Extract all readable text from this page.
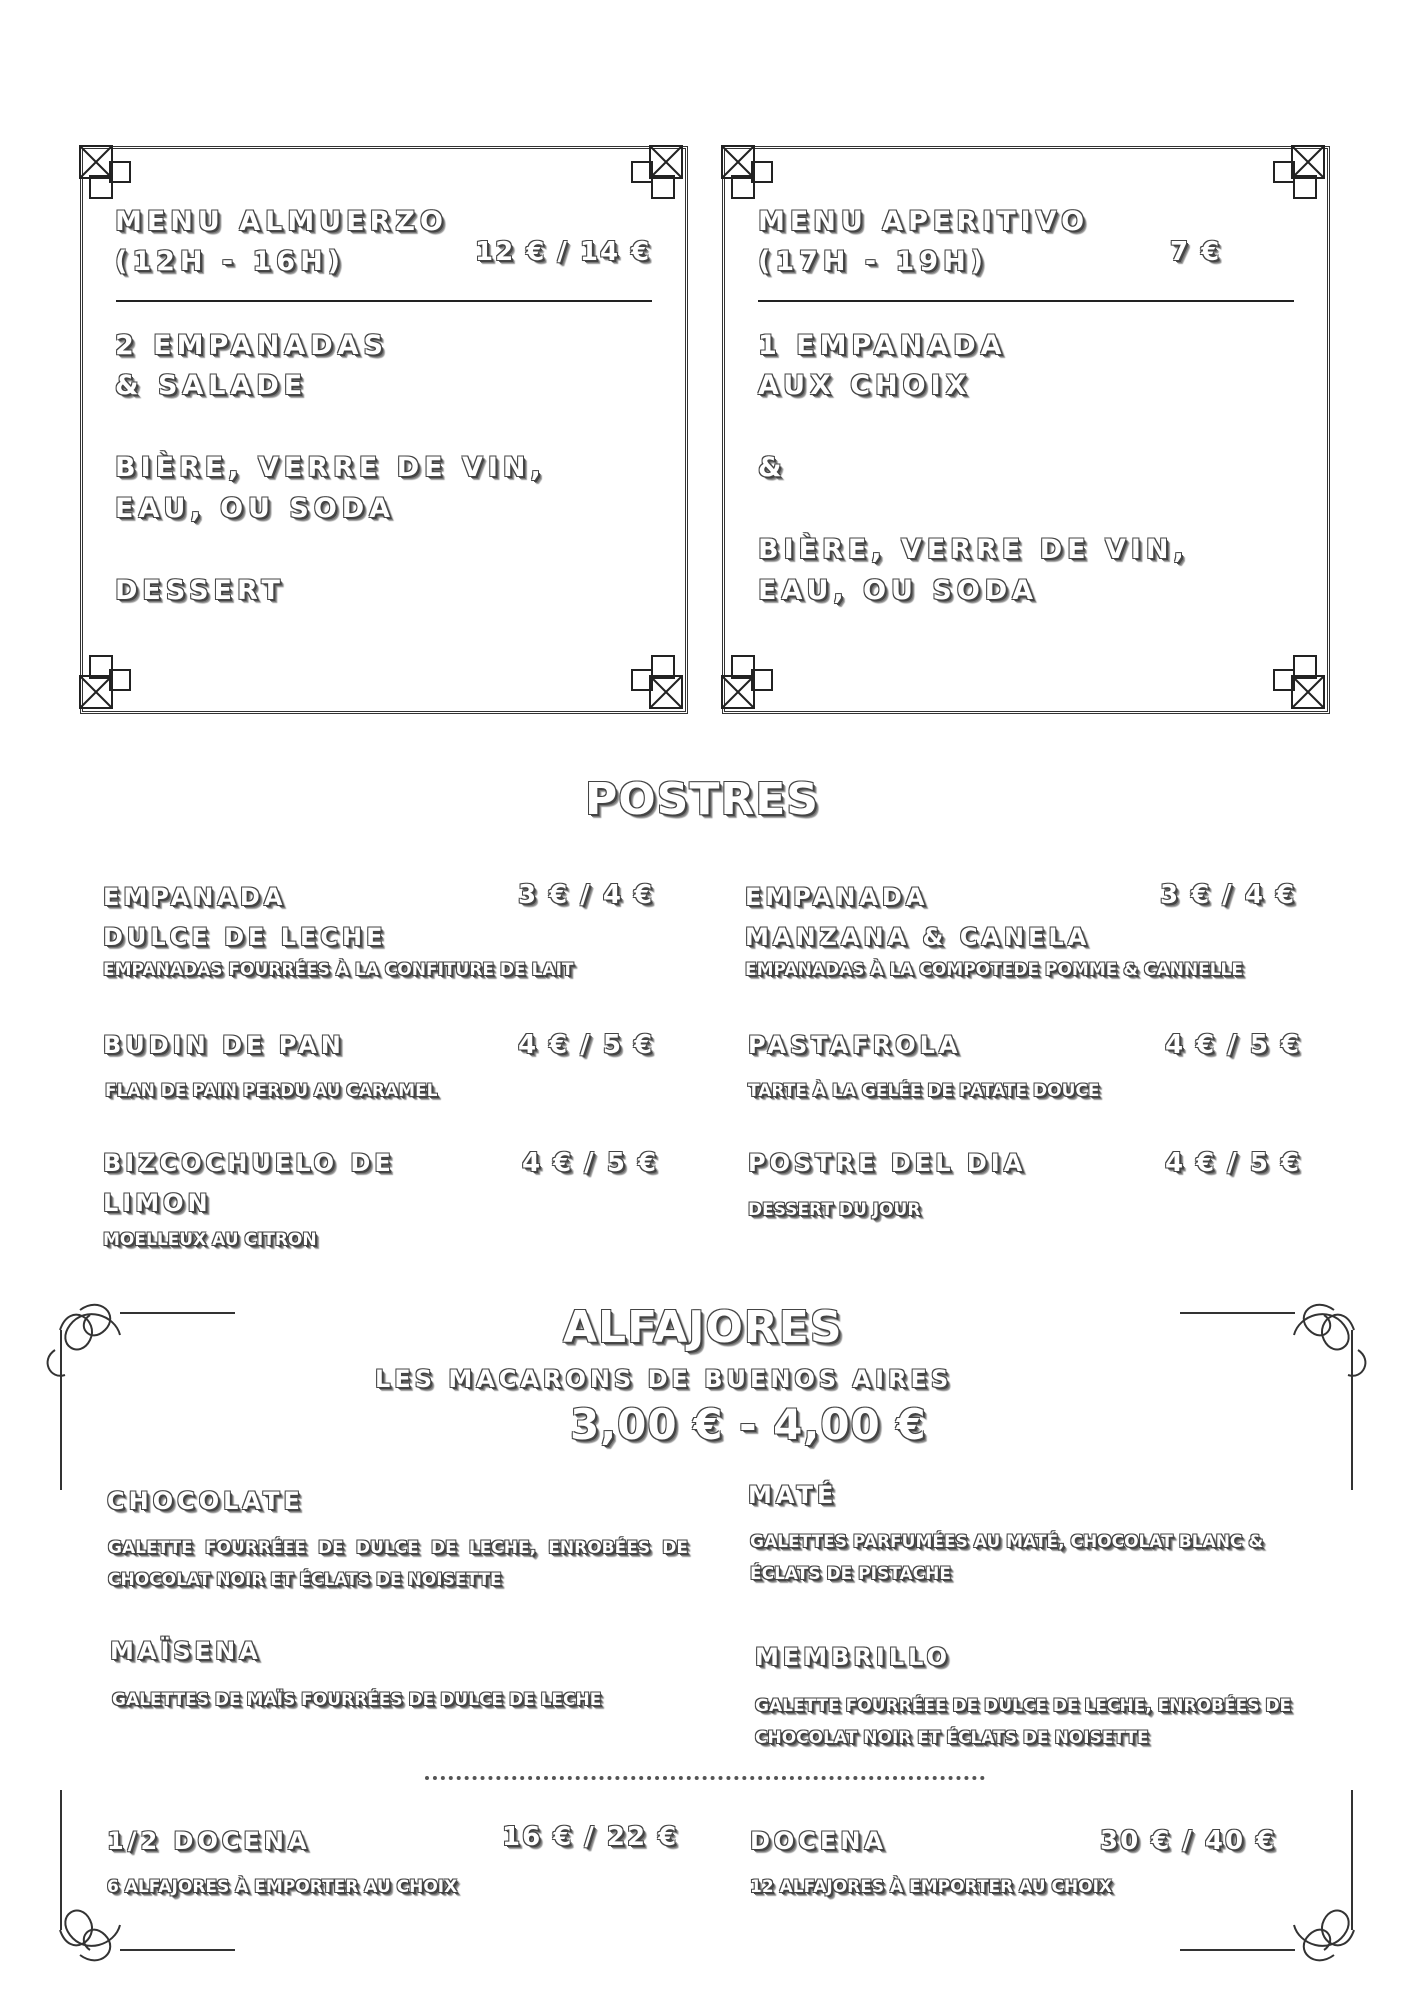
MENU ALMUERZO
(12H - 16H)	12 € / 14 €
2 EMPANADAS
& SALADE
BIÈRE, VERRE DE VIN,
EAU, OU SODA
DESSERT
MENU APERITIVO
(17H - 19H)	7 €
1 EMPANADA
AUX CHOIX
&
BIÈRE, VERRE DE VIN,
EAU, OU SODA
POSTRES
EMPANADA
DULCE DE LECHE
3 € / 4 €
EMPANADAS FOURRÉES À LA CONFITURE DE LAIT
BUDIN DE PAN	4 € / 5 €
FLAN DE PAIN PERDU AU CARAMEL
BIZCOCHUELO DE
LIMON
4 € / 5 €
MOELLEUX AU CITRON
EMPANADA
MANZANA & CANELA
3 € / 4 €
EMPANADAS À LA COMPOTEDE POMME & CANNELLE
PASTAFROLA	4 € / 5 €
TARTE À LA GELÉE DE PATATE DOUCE
POSTRE DEL DIA	4 € / 5 €
DESSERT DU JOUR
ALFAJORES
LES MACARONS DE BUENOS AIRES
3,00 € - 4,00 €
CHOCOLATE
GALETTE FOURRÉEE DE DULCE DE LECHE, ENROBÉES DE CHOCOLAT NOIR ET ÉCLATS DE NOISETTE
MATÉ
GALETTES PARFUMÉES AU MATÉ, CHOCOLAT BLANC & ÉCLATS DE PISTACHE
MAÏSENA
GALETTES DE MAÏS FOURRÉES DE DULCE DE LECHE
MEMBRILLO
GALETTE FOURRÉEE DE DULCE DE LECHE, ENROBÉES DE CHOCOLAT NOIR ET ÉCLATS DE NOISETTE
1/2 DOCENA	16 € / 22 €
6 ALFAJORES À EMPORTER AU CHOIX
DOCENA	30 € / 40 €
12 ALFAJORES À EMPORTER AU CHOIX
